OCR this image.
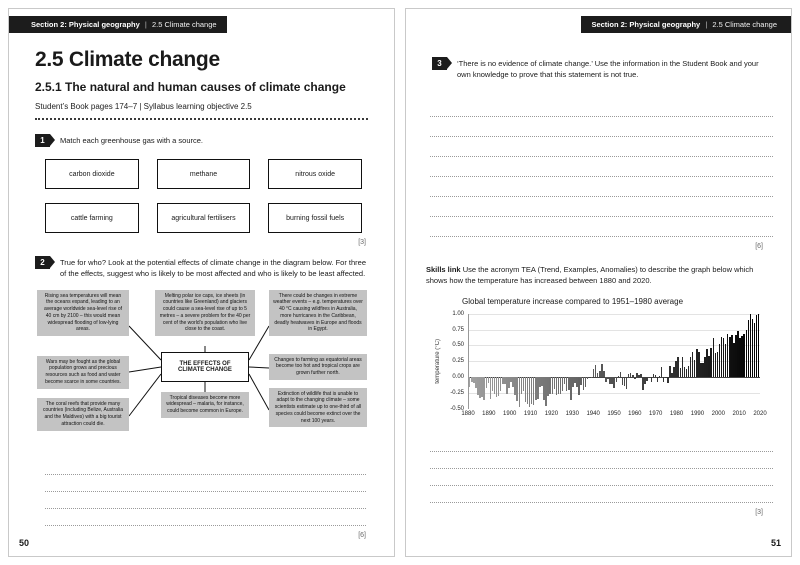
Section 2: Physical geography | 2.5 Climate change
2.5 Climate change
2.5.1 The natural and human causes of climate change
Student’s Book pages 174–7 | Syllabus learning objective 2.5
1	Match each greenhouse gas with a source.
carbon dioxide	methane	nitrous oxide
cattle farming	agricultural fertilisers	burning fossil fuels
[3]
2	True for who? Look at the potential effects of climate change in the diagram below. For three of the effects, suggest who is likely to be most affected and who is likely to be least affected.
Rising sea temperatures will mean the oceans expand, leading to an average worldwide sea-level rise of 40 cm by 2100 – this would mean widespread flooding of low-lying areas.
Melting polar ice caps, ice sheets (in countries like Greenland) and glaciers could cause a sea-level rise of up to 5 metres – a severe problem for the 40 per cent of the world’s population who live close to the coast.
There could be changes in extreme weather events – e.g. temperatures over 40 °C causing wildfires in Australia, more hurricanes in the Caribbean, deadly heatwaves in Europe and floods in Egypt.
Wars may be fought as the global population grows and precious resources such as food and water become scarce in some countries.
THE EFFECTS OF CLIMATE CHANGE
Changes to farming as equatorial areas become too hot and tropical crops are grown further north.
The coral reefs that provide many countries (including Belize, Australia and the Maldives) with a big tourist attraction could die.
Tropical diseases become more widespread – malaria, for instance, could become common in Europe.
Extinction of wildlife that is unable to adapt to the changing climate – some scientists estimate up to one-third of all species could become extinct over the next 100 years.
[6]
50
Section 2: Physical geography | 2.5 Climate change
3	‘There is no evidence of climate change.’ Use the information in the Student Book and your own knowledge to prove that this statement is not true.
[6]
Skills link Use the acronym TEA (Trend, Examples, Anomalies) to describe the graph below which shows how the temperature has increased between 1880 and 2020.
Global temperature increase compared to 1951–1980 average
temperature (°C)
1.00
0.75
0.50
0.25
0.00
-0.25
-0.50
1880 1890 1900 1910 1920 1930 1940 1950 1960 1970 1980 1990 2000 2010 2020
[3]
51
